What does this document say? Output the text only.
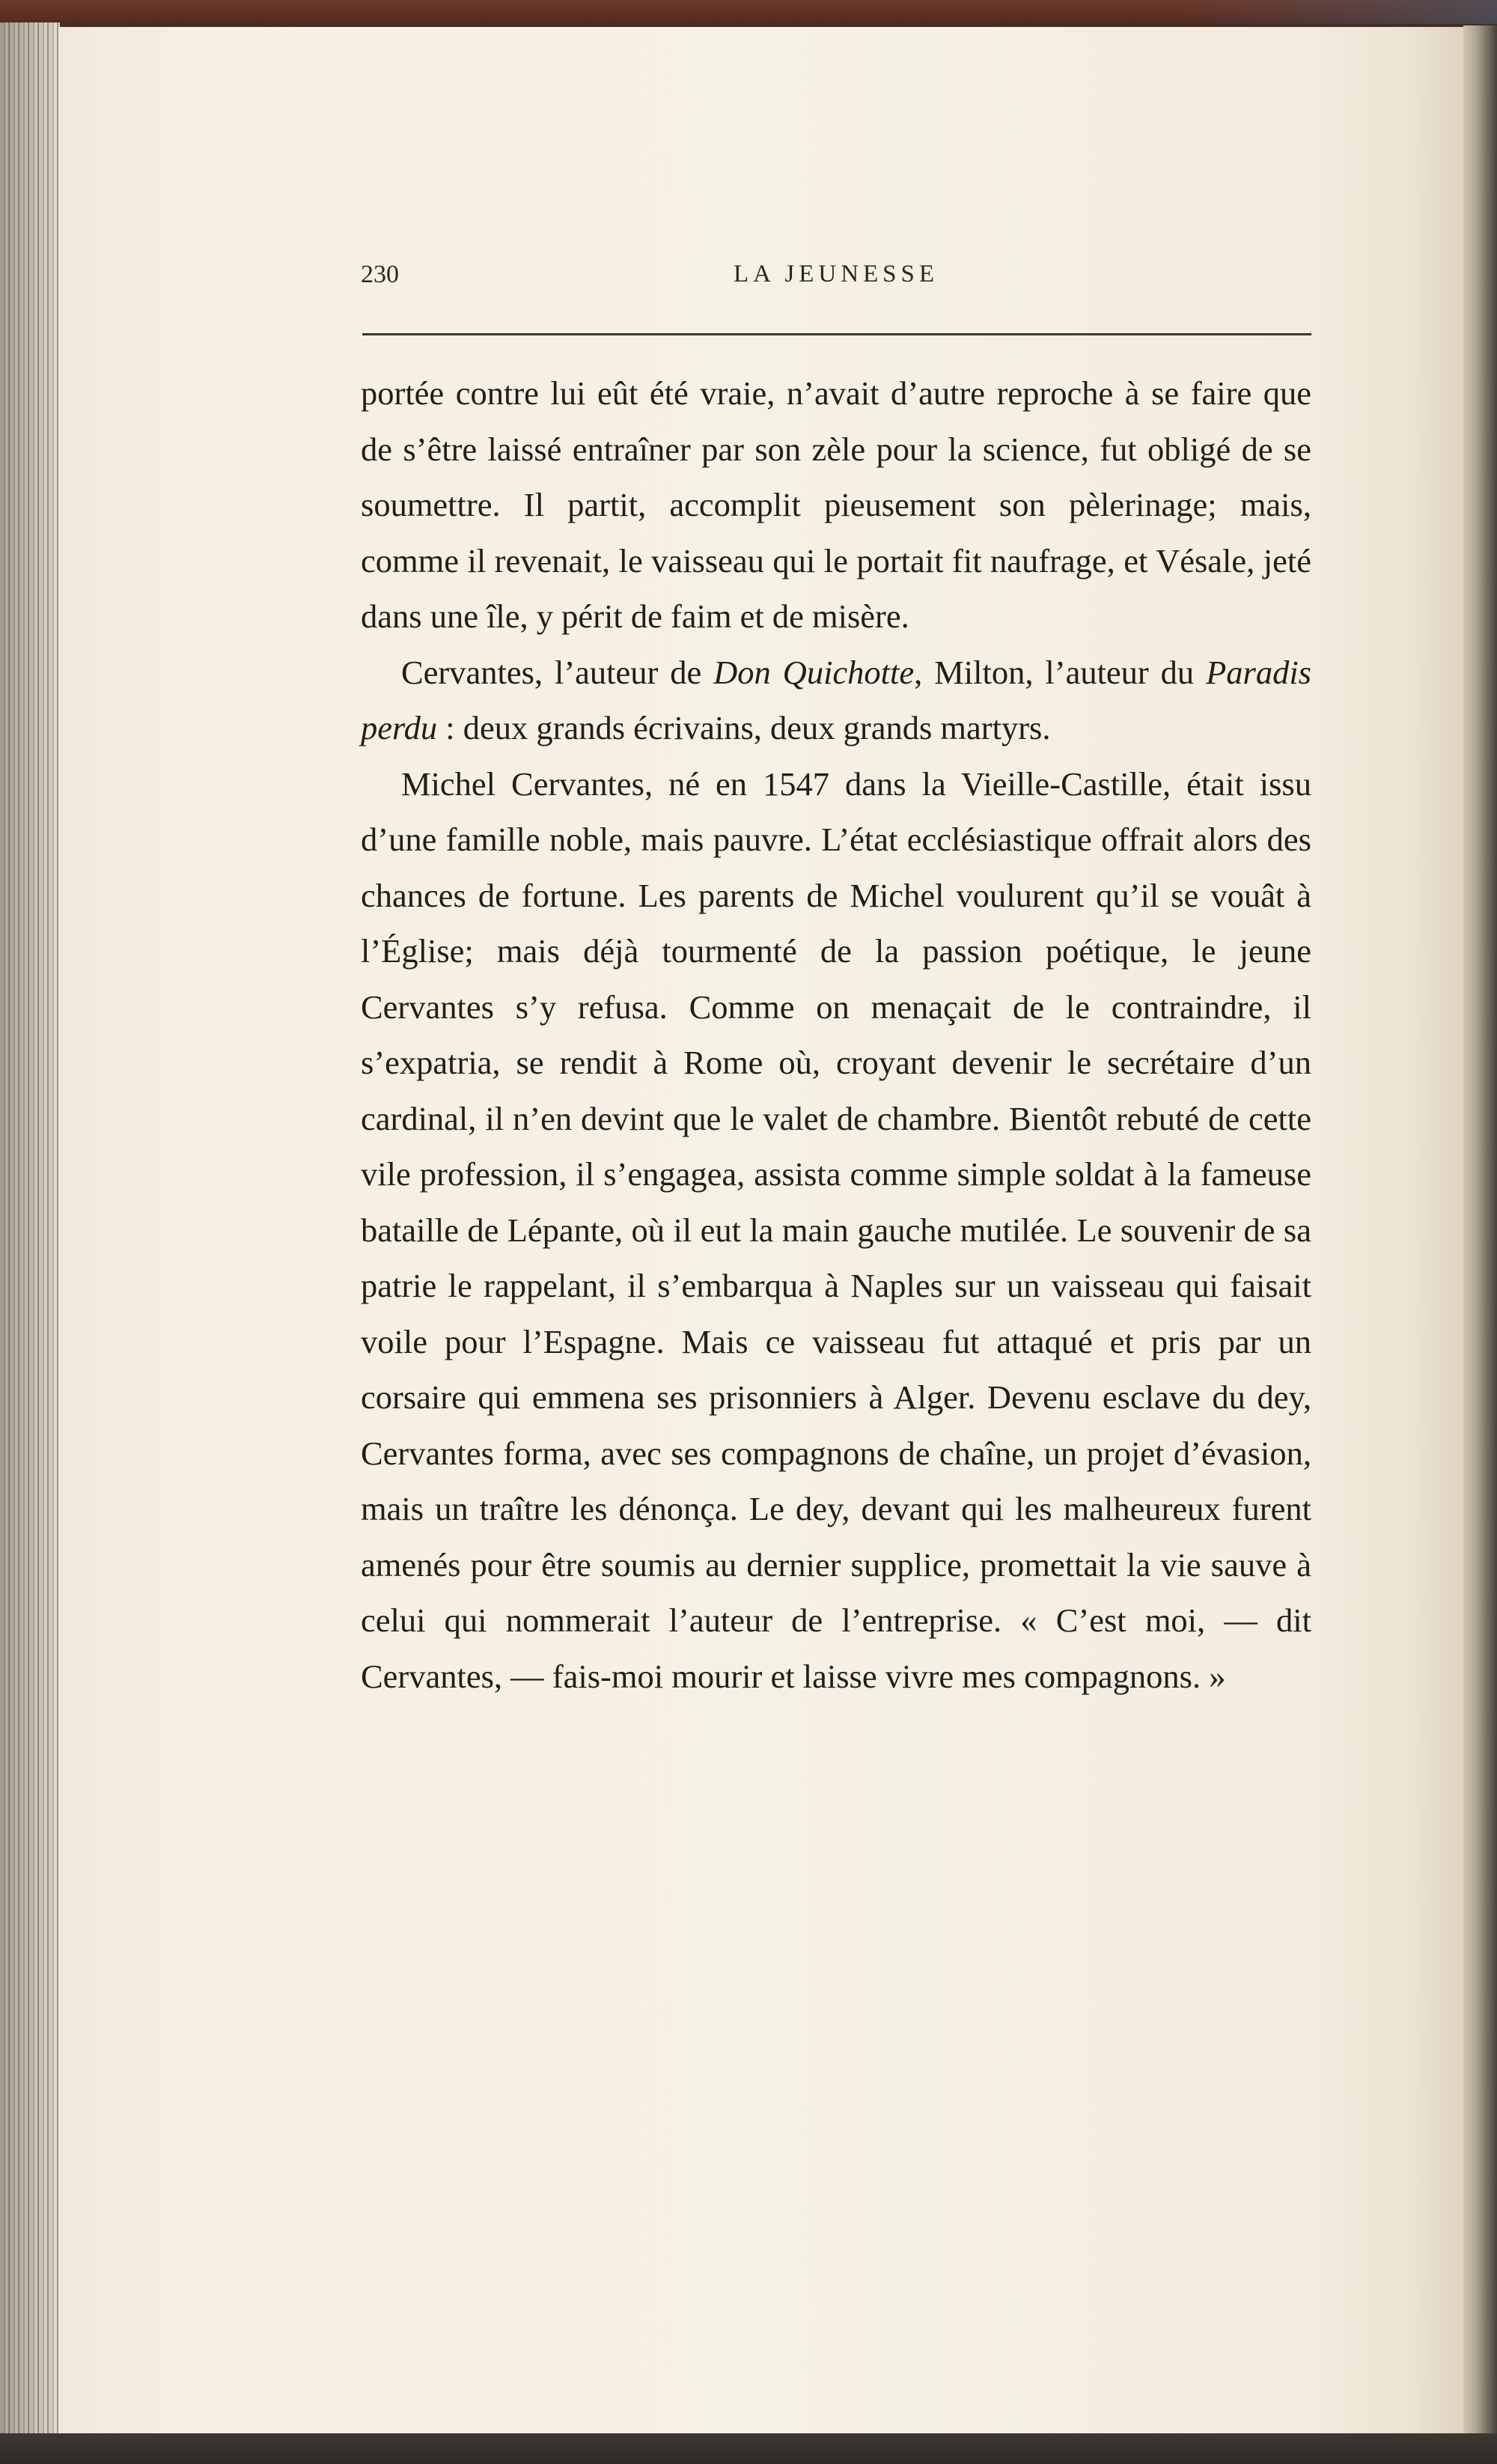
230	LA JEUNESSE

portée contre lui eût été vraie, n’avait d’autre reproche à se faire que de s’être laissé entraîner par son zèle pour la science, fut obligé de se soumettre. Il partit, accomplit pieusement son pèlerinage; mais, comme il revenait, le vaisseau qui le portait fit naufrage, et Vésale, jeté dans une île, y périt de faim et de misère.

Cervantes, l’auteur de Don Quichotte, Milton, l’auteur du Paradis perdu : deux grands écrivains, deux grands martyrs.

Michel Cervantes, né en 1547 dans la Vieille-Castille, était issu d’une famille noble, mais pauvre. L’état ecclésiastique offrait alors des chances de fortune. Les parents de Michel voulurent qu’il se vouât à l’Église; mais déjà tourmenté de la passion poétique, le jeune Cervantes s’y refusa. Comme on menaçait de le contraindre, il s’expatria, se rendit à Rome où, croyant devenir le secrétaire d’un cardinal, il n’en devint que le valet de chambre. Bientôt rebuté de cette vile profession, il s’engagea, assista comme simple soldat à la fameuse bataille de Lépante, où il eut la main gauche mutilée. Le souvenir de sa patrie le rappelant, il s’embarqua à Naples sur un vaisseau qui faisait voile pour l’Espagne. Mais ce vaisseau fut attaqué et pris par un corsaire qui emmena ses prisonniers à Alger. Devenu esclave du dey, Cervantes forma, avec ses compagnons de chaîne, un projet d’évasion, mais un traître les dénonça. Le dey, devant qui les malheureux furent amenés pour être soumis au dernier supplice, promettait la vie sauve à celui qui nommerait l’auteur de l’entreprise. « C’est moi, — dit Cervantes, — fais-moi mourir et laisse vivre mes compagnons. »
